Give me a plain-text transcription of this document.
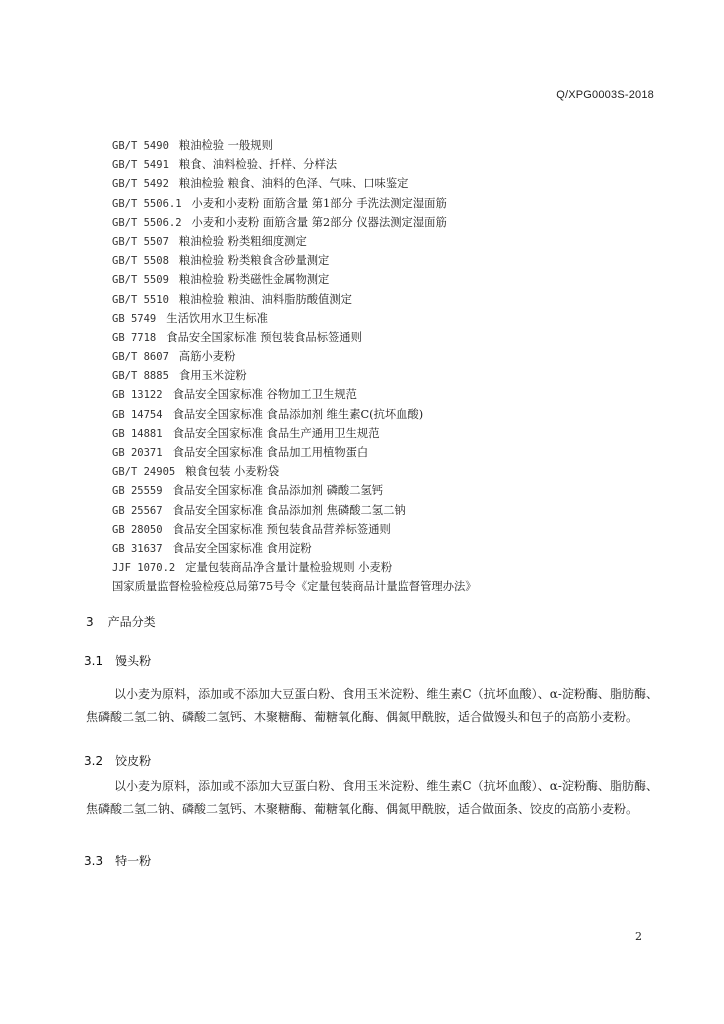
Q/XPG0003S-2018
GB/T 5490 粮油检验 一般规则
GB/T 5491 粮食、油料检验、扦样、分样法
GB/T 5492 粮油检验 粮食、油料的色泽、气味、口味鉴定
GB/T 5506.1 小麦和小麦粉 面筋含量 第1部分 手洗法测定湿面筋
GB/T 5506.2 小麦和小麦粉 面筋含量 第2部分 仪器法测定湿面筋
GB/T 5507 粮油检验 粉类粗细度测定
GB/T 5508 粮油检验 粉类粮食含砂量测定
GB/T 5509 粮油检验 粉类磁性金属物测定
GB/T 5510 粮油检验 粮油、油料脂肪酸值测定
GB 5749 生活饮用水卫生标准
GB 7718 食品安全国家标准 预包装食品标签通则
GB/T 8607 高筋小麦粉
GB/T 8885 食用玉米淀粉
GB 13122 食品安全国家标准 谷物加工卫生规范
GB 14754 食品安全国家标准 食品添加剂 维生素C(抗坏血酸)
GB 14881 食品安全国家标准 食品生产通用卫生规范
GB 20371 食品安全国家标准 食品加工用植物蛋白
GB/T 24905 粮食包装 小麦粉袋
GB 25559 食品安全国家标准 食品添加剂 磷酸二氢钙
GB 25567 食品安全国家标准 食品添加剂 焦磷酸二氢二钠
GB 28050 食品安全国家标准 预包装食品营养标签通则
GB 31637 食品安全国家标准 食用淀粉
JJF 1070.2 定量包装商品净含量计量检验规则 小麦粉
国家质量监督检验检疫总局第75号令《定量包装商品计量监督管理办法》
3 产品分类
3.1 馒头粉

以小麦为原料，添加或不添加大豆蛋白粉、食用玉米淀粉、维生素C（抗坏血酸）、α-淀粉酶、脂肪酶、焦磷酸二氢二钠、磷酸二氢钙、木聚糖酶、葡糖氧化酶、偶氮甲酰胺，适合做馒头和包子的高筋小麦粉。

3.2 饺皮粉

以小麦为原料，添加或不添加大豆蛋白粉、食用玉米淀粉、维生素C（抗坏血酸）、α-淀粉酶、脂肪酶、焦磷酸二氢二钠、磷酸二氢钙、木聚糖酶、葡糖氧化酶、偶氮甲酰胺，适合做面条、饺皮的高筋小麦粉。

3.3 特一粉
2
